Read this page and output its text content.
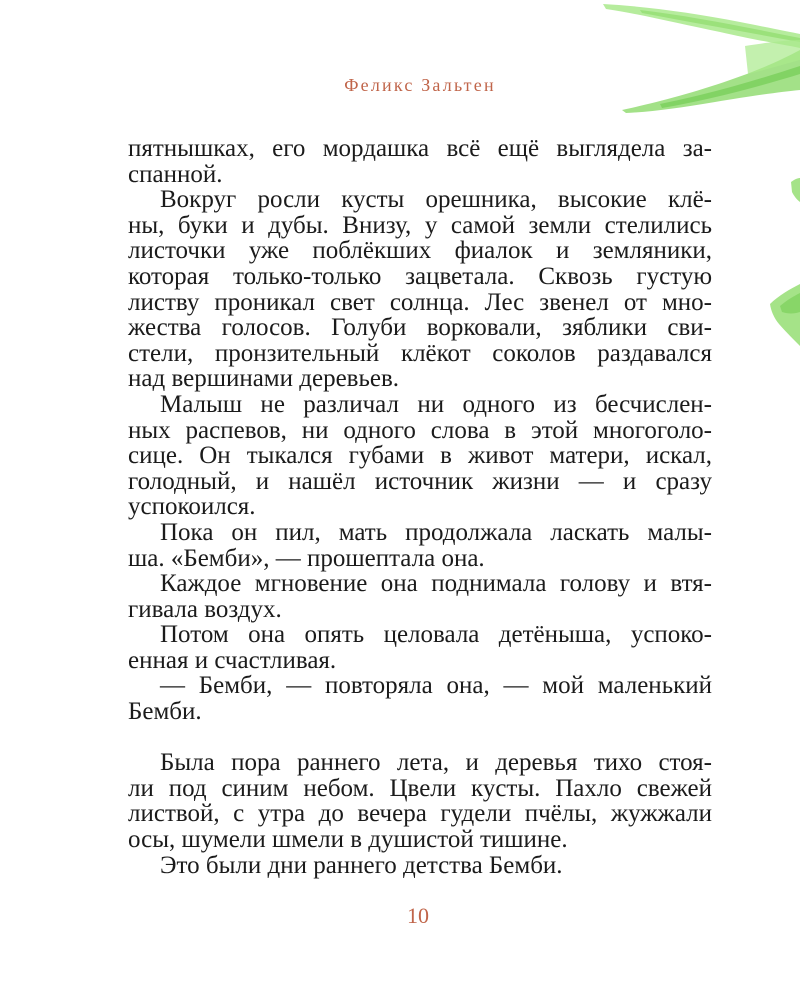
Феликс Зальтен
пятнышках, его мордашка всё ещё выглядела за-
спанной.
Вокруг росли кусты орешника, высокие клё-
ны, буки и дубы. Внизу, у самой земли стелились
листочки уже поблёкших фиалок и земляники,
которая только-только зацветала. Сквозь густую
листву проникал свет солнца. Лес звенел от мно-
жества голосов. Голуби ворковали, зяблики сви-
стели, пронзительный клёкот соколов раздавался
над вершинами деревьев.
Малыш не различал ни одного из бесчислен-
ных распевов, ни одного слова в этой многоголо-
сице. Он тыкался губами в живот матери, искал,
голодный, и нашёл источник жизни — и сразу
успокоился.
Пока он пил, мать продолжала ласкать малы-
ша. «Бемби», — прошептала она.
Каждое мгновение она поднимала голову и втя-
гивала воздух.
Потом она опять целовала детёныша, успоко-
енная и счастливая.
— Бемби, — повторяла она, — мой маленький
Бемби.
Была пора раннего лета, и деревья тихо стоя-
ли под синим небом. Цвели кусты. Пахло свежей
листвой, с утра до вечера гудели пчёлы, жужжали
осы, шумели шмели в душистой тишине.
Это были дни раннего детства Бемби.
10
